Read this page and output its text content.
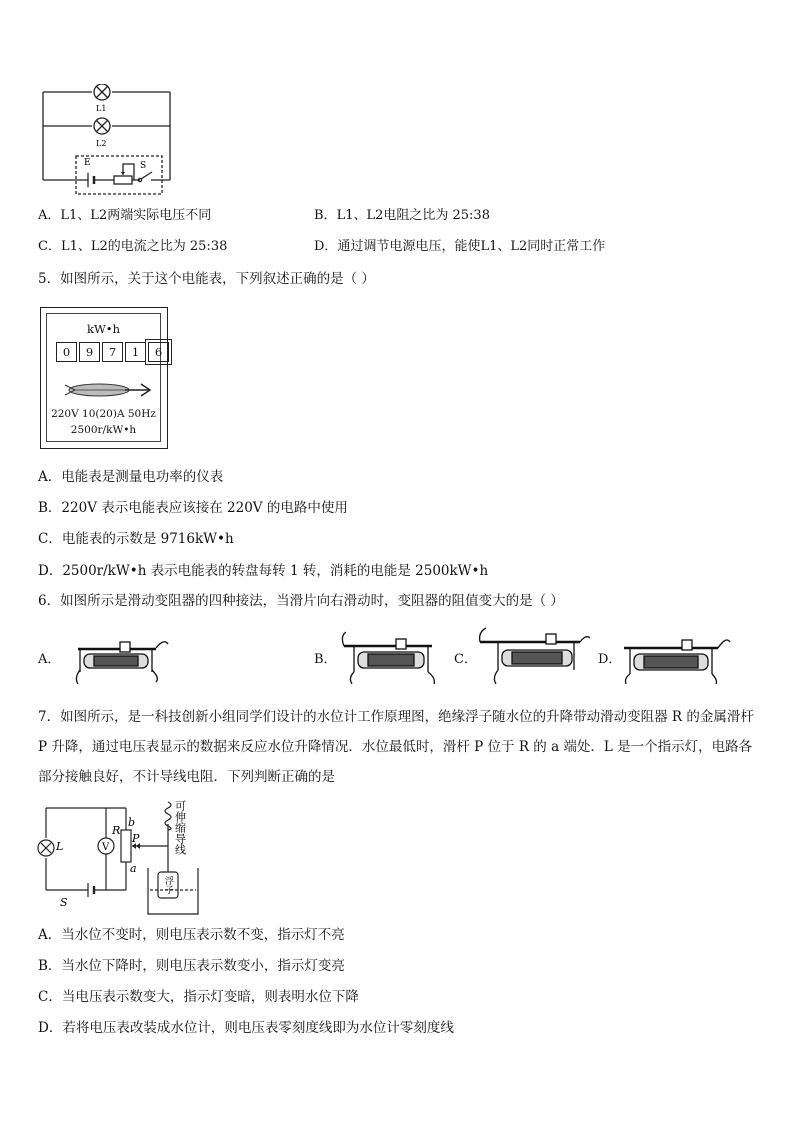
L1
L2
E	S
A．L1、L2两端实际电压不同	B．L1、L2电阻之比为 25:38
C．L1、L2的电流之比为 25:38	D．通过调节电源电压，能使L1、L2同时正常工作
5．如图所示，关于这个电能表，下列叙述正确的是（ ）
kW•h
0	9	7	1	6
220V 10(20)A 50Hz
2500r/kW•h
A．电能表是测量电功率的仪表
B．220V 表示电能表应该接在 220V 的电路中使用
C．电能表的示数是 9716kW•h
D．2500r/kW•h 表示电能表的转盘每转 1 转，消耗的电能是 2500kW•h
6．如图所示是滑动变阻器的四种接法，当滑片向右滑动时，变阻器的阻值变大的是（ ）
A．	B．	C．	D．
7．如图所示，是一科技创新小组同学们设计的水位计工作原理图，绝缘浮子随水位的升降带动滑动变阻器 R 的金属滑杆 P 升降，通过电压表显示的数据来反应水位升降情况．水位最低时，滑杆 P 位于 R 的 a 端处．L 是一个指示灯，电路各部分接触良好，不计导线电阻．下列判断正确的是
L	V
R
b
P
a
S
可伸缩导线
浮子
A．当水位不变时，则电压表示数不变，指示灯不亮
B．当水位下降时，则电压表示数变小，指示灯变亮
C．当电压表示数变大，指示灯变暗，则表明水位下降
D．若将电压表改装成水位计，则电压表零刻度线即为水位计零刻度线
